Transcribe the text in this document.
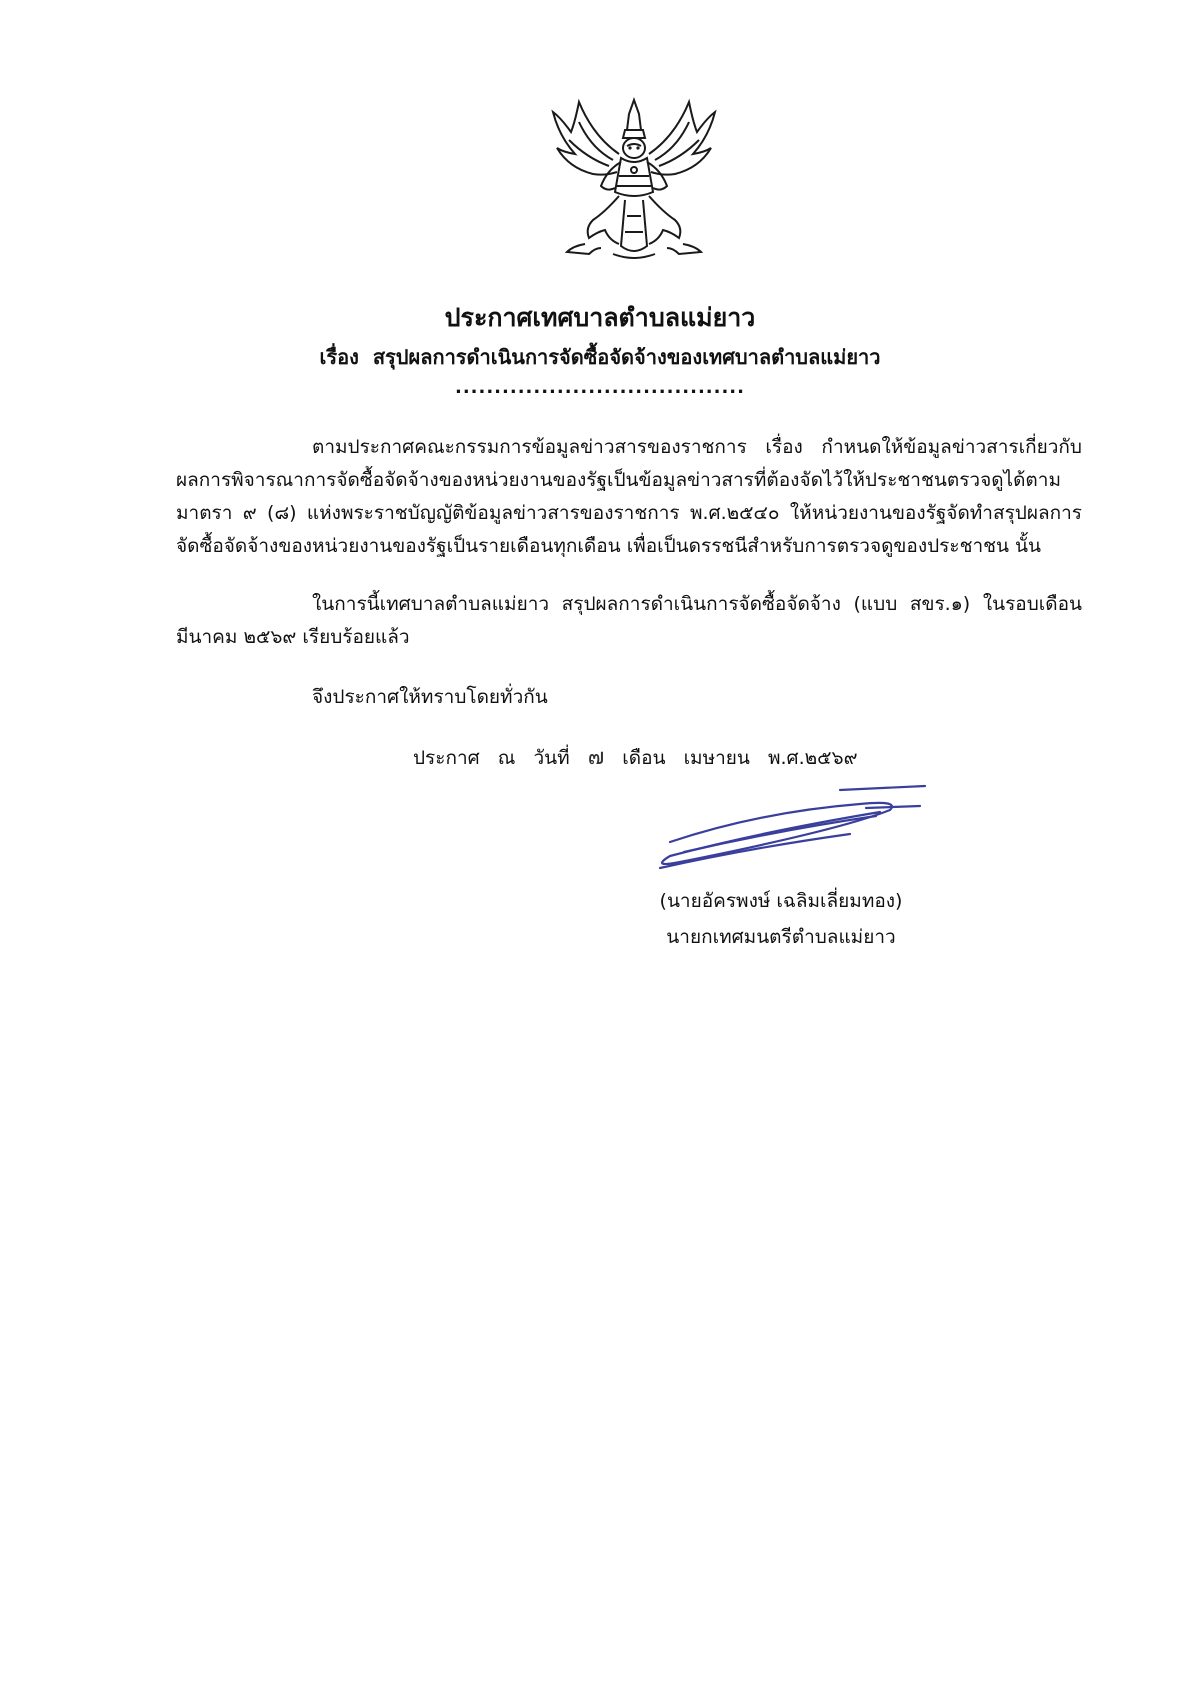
ประกาศเทศบาลตำบลแม่ยาว
เรื่อง สรุปผลการดำเนินการจัดซื้อจัดจ้างของเทศบาลตำบลแม่ยาว
.....................................
ตามประกาศคณะกรรมการข้อมูลข่าวสารของราชการ เรื่อง กำหนดให้ข้อมูลข่าวสารเกี่ยวกับ
ผลการพิจารณาการจัดซื้อจัดจ้างของหน่วยงานของรัฐเป็นข้อมูลข่าวสารที่ต้องจัดไว้ให้ประชาชนตรวจดูได้ตาม
มาตรา ๙ (๘) แห่งพระราชบัญญัติข้อมูลข่าวสารของราชการ พ.ศ.๒๕๔๐ ให้หน่วยงานของรัฐจัดทำสรุปผลการ
จัดซื้อจัดจ้างของหน่วยงานของรัฐเป็นรายเดือนทุกเดือน เพื่อเป็นดรรชนีสำหรับการตรวจดูของประชาชน นั้น
ในการนี้เทศบาลตำบลแม่ยาว สรุปผลการดำเนินการจัดซื้อจัดจ้าง (แบบ สขร.๑) ในรอบเดือน
มีนาคม ๒๕๖๙ เรียบร้อยแล้ว
จึงประกาศให้ทราบโดยทั่วกัน
ประกาศ ณ วันที่ ๗ เดือน เมษายน พ.ศ.๒๕๖๙
(นายอัครพงษ์ เฉลิมเลี่ยมทอง)
นายกเทศมนตรีตำบลแม่ยาว
